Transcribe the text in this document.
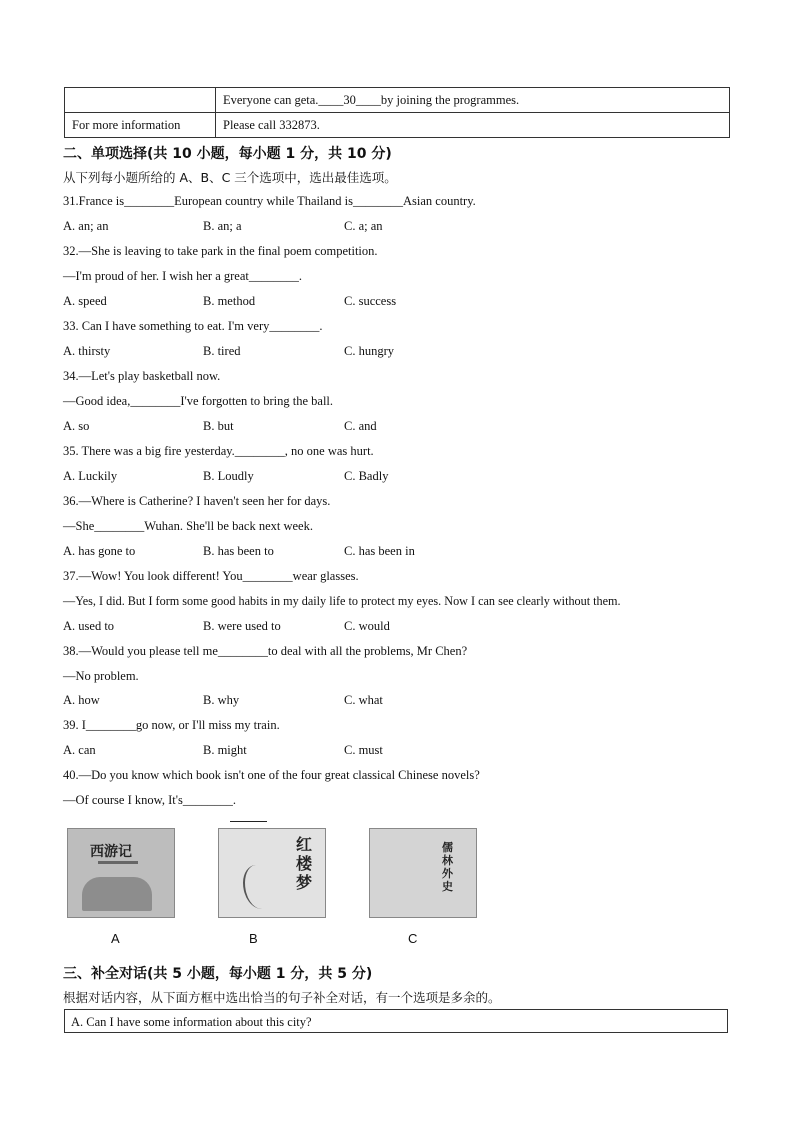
	Everyone can geta.____30____by joining the programmes.
For more information	Please call 332873.
二、单项选择(共 10 小题，每小题 1 分，共 10 分)
从下列每小题所给的 A、B、C 三个选项中，选出最佳选项。
31.France is________European country while Thailand is________Asian country.
A. an; an	B. an; a	C. a; an
32.—She is leaving to take park in the final poem competition.
—I'm proud of her. I wish her a great________.
A. speed	B. method	C. success
33. Can I have something to eat. I'm very________.
A. thirsty	B. tired	C. hungry
34.—Let's play basketball now.
—Good idea,________I've forgotten to bring the ball.
A. so	B. but	C. and
35. There was a big fire yesterday.________, no one was hurt.
A. Luckily	B. Loudly	C. Badly
36.—Where is Catherine? I haven't seen her for days.
—She________Wuhan. She'll be back next week.
A. has gone to	B. has been to	C. has been in
37.—Wow! You look different! You________wear glasses.
—Yes, I did. But I form some good habits in my daily life to protect my eyes. Now I can see clearly without them.
A. used to	B. were used to	C. would
38.—Would you please tell me________to deal with all the problems, Mr Chen?
—No problem.
A. how	B. why	C. what
39. I________go now, or I'll miss my train.
A. can	B. might	C. must
40.—Do you know which book isn't one of the four great classical Chinese novels?
—Of course I know, It's________.
西游记	红楼梦
儒林外史
A	B	C
三、补全对话(共 5 小题，每小题 1 分，共 5 分)
根据对话内容，从下面方框中选出恰当的句子补全对话，有一个选项是多余的。
A. Can I have some information about this city?
